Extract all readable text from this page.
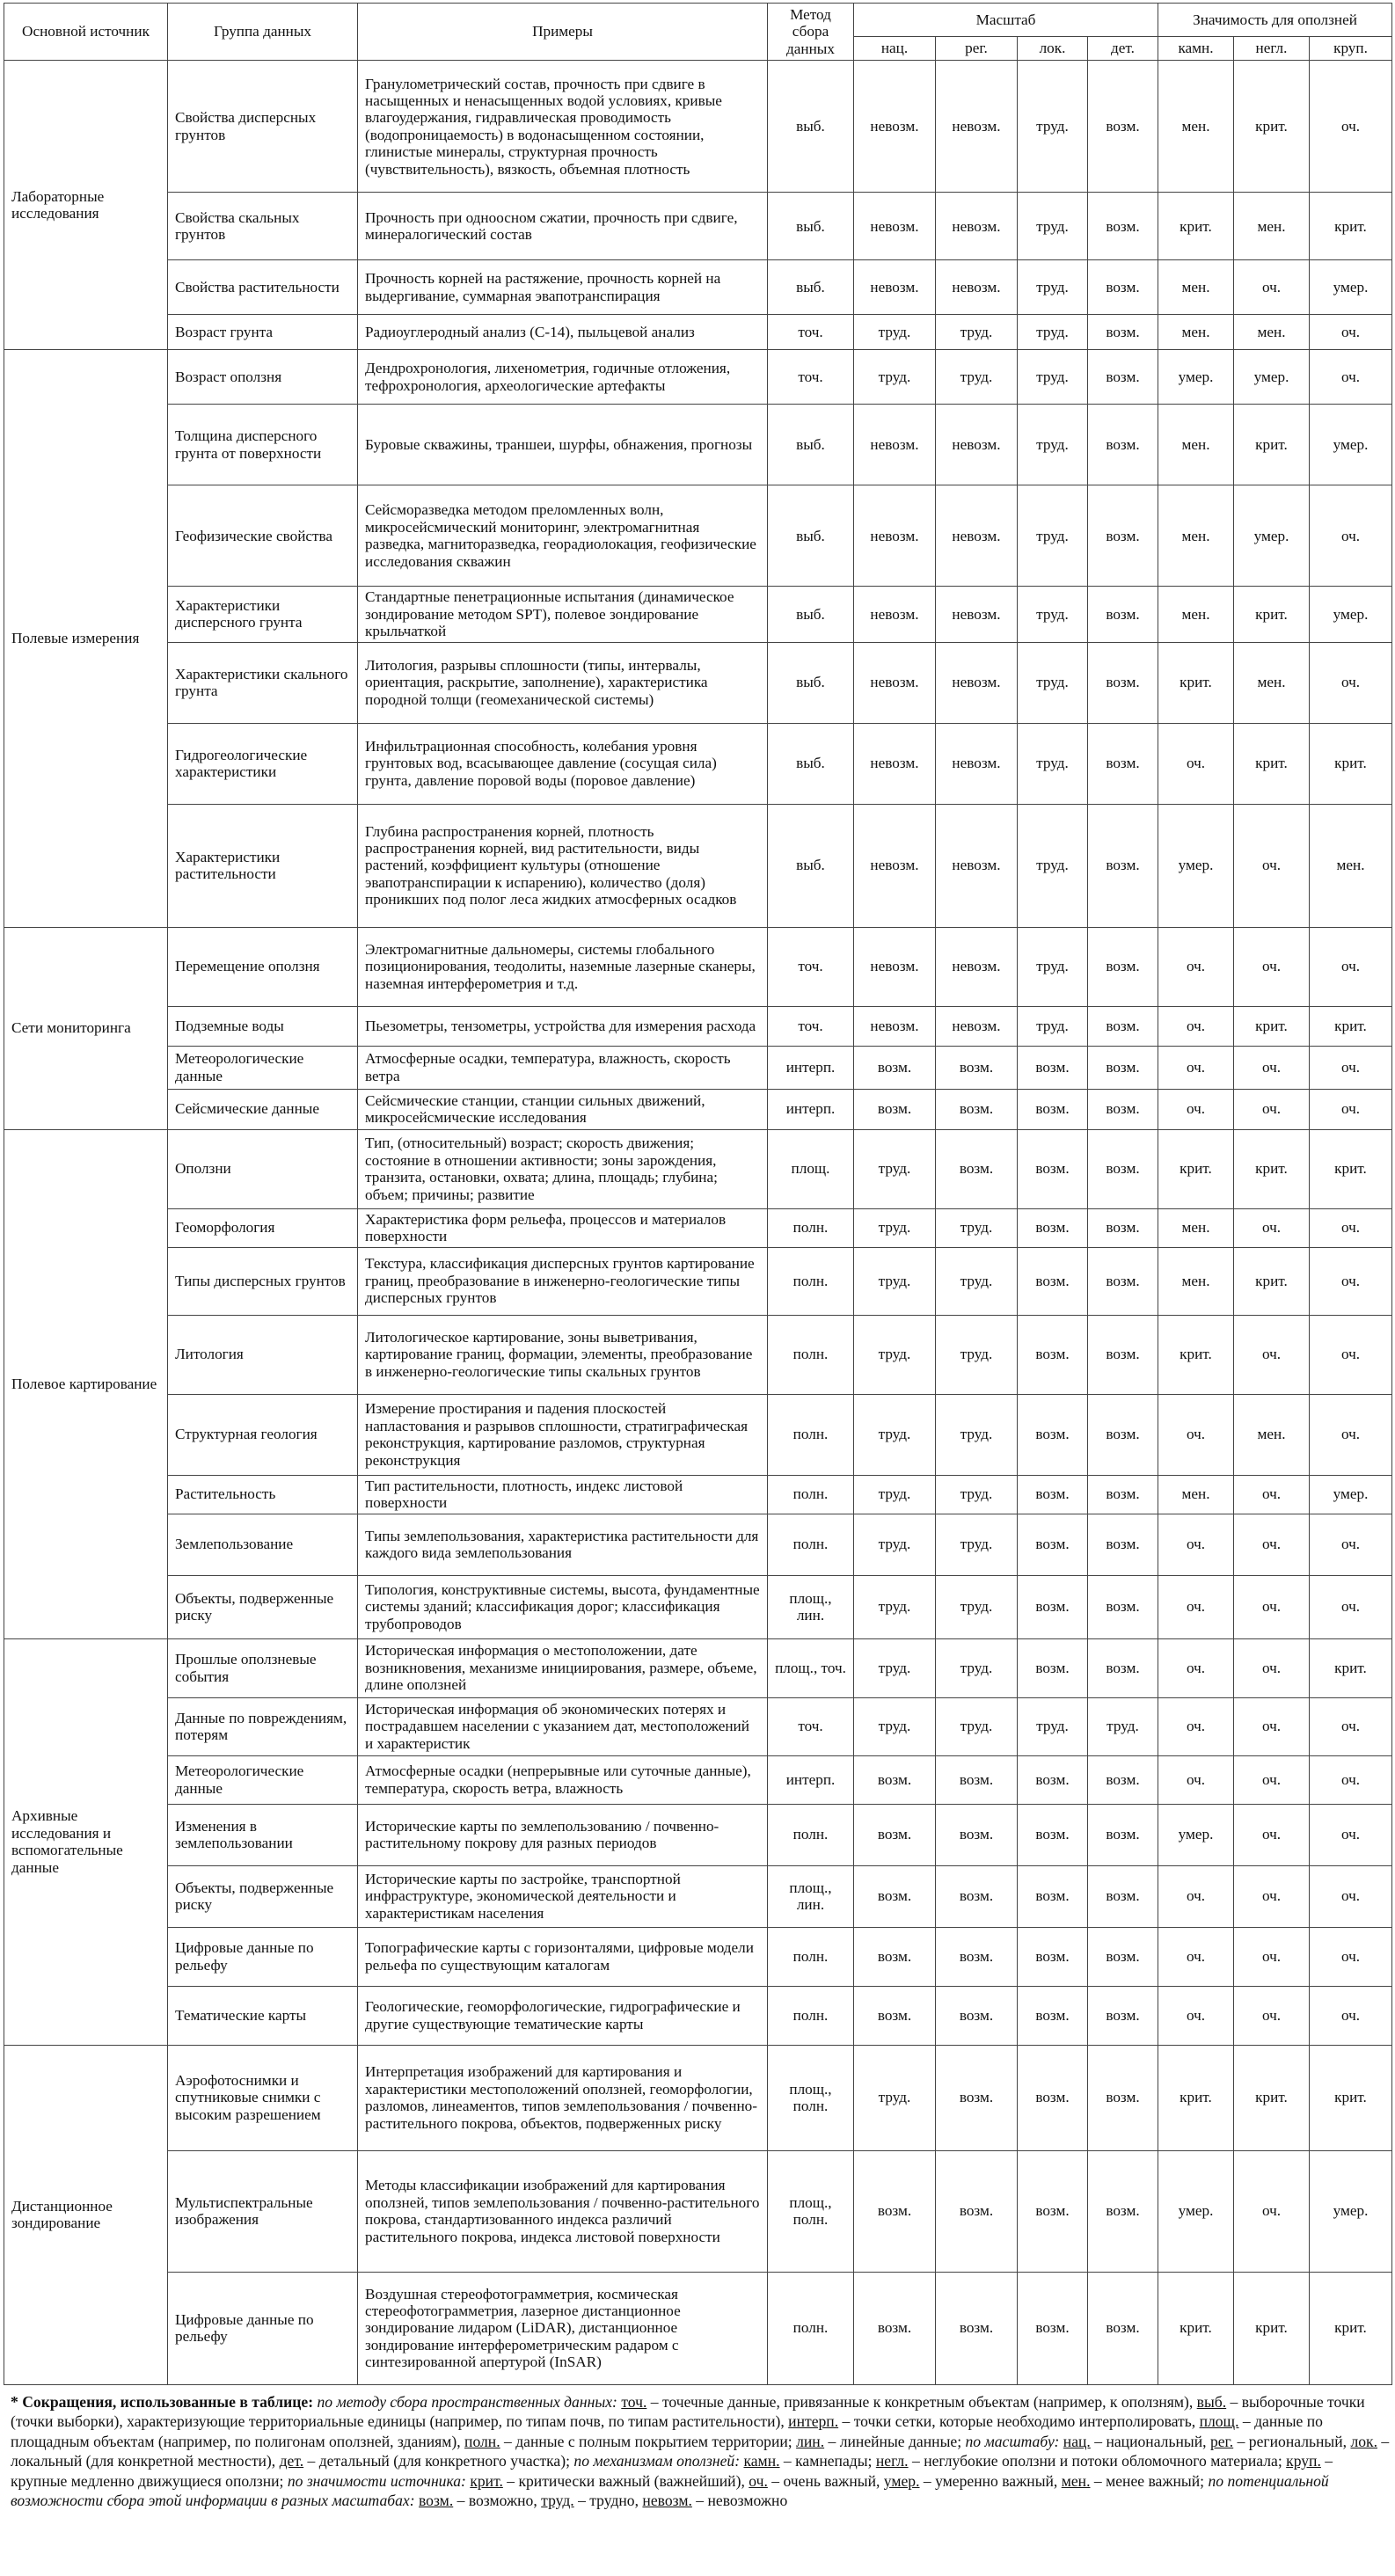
Основной источник	Группа данных	Примеры	Метод сбора данных	Масштаб				Значимость для оползней		
				нац.	рег.	лок.	дет.	камн.	негл.	круп.
Лабораторные исследования	Свойства дисперсных грунтов	Гранулометрический состав, прочность при сдвиге в насыщенных и ненасыщенных водой условиях, кривые влагоудержания, гидравлическая проводимость (водопроницаемость) в водонасыщенном состоянии, глинистые минералы, структурная прочность (чувствительность), вязкость, объемная плотность	выб.	невозм.	невозм.	труд.	возм.	мен.	крит.	оч.
	Свойства скальных грунтов	Прочность при одноосном сжатии, прочность при сдвиге, минералогический состав	выб.	невозм.	невозм.	труд.	возм.	крит.	мен.	крит.
	Свойства растительности	Прочность корней на растяжение, прочность корней на выдергивание, суммарная эвапотранспирация	выб.	невозм.	невозм.	труд.	возм.	мен.	оч.	умер.
	Возраст грунта	Радиоуглеродный анализ (С-14), пыльцевой анализ	точ.	труд.	труд.	труд.	возм.	мен.	мен.	оч.
Полевые измерения	Возраст оползня	Дендрохронология, лихенометрия, годичные отложения, тефрохронология, археологические артефакты	точ.	труд.	труд.	труд.	возм.	умер.	умер.	оч.
	Толщина дисперсного грунта от поверхности	Буровые скважины, траншеи, шурфы, обнажения, прогнозы	выб.	невозм.	невозм.	труд.	возм.	мен.	крит.	умер.
	Геофизические свойства	Сейсморазведка методом преломленных волн, микросейсмический мониторинг, электромагнитная разведка, магниторазведка, георадиолокация, геофизические исследования скважин	выб.	невозм.	невозм.	труд.	возм.	мен.	умер.	оч.
	Характеристики дисперсного грунта	Стандартные пенетрационные испытания (динамическое зондирование методом SPT), полевое зондирование крыльчаткой	выб.	невозм.	невозм.	труд.	возм.	мен.	крит.	умер.
	Характеристики скального грунта	Литология, разрывы сплошности (типы, интервалы, ориентация, раскрытие, заполнение), характеристика породной толщи (геомеханической системы)	выб.	невозм.	невозм.	труд.	возм.	крит.	мен.	оч.
	Гидрогеологические характеристики	Инфильтрационная способность, колебания уровня грунтовых вод, всасывающее давление (сосущая сила) грунта, давление поровой воды (поровое давление)	выб.	невозм.	невозм.	труд.	возм.	оч.	крит.	крит.
	Характеристики растительности	Глубина распространения корней, плотность распространения корней, вид растительности, виды растений, коэффициент культуры (отношение эвапотранспирации к испарению), количество (доля) проникших под полог леса жидких атмосферных осадков	выб.	невозм.	невозм.	труд.	возм.	умер.	оч.	мен.
Сети мониторинга	Перемещение оползня	Электромагнитные дальномеры, системы глобального позиционирования, теодолиты, наземные лазерные сканеры, наземная интерферометрия и т.д.	точ.	невозм.	невозм.	труд.	возм.	оч.	оч.	оч.
	Подземные воды	Пьезометры, тензометры, устройства для измерения расхода	точ.	невозм.	невозм.	труд.	возм.	оч.	крит.	крит.
	Метеорологические данные	Атмосферные осадки, температура, влажность, скорость ветра	интерп.	возм.	возм.	возм.	возм.	оч.	оч.	оч.
	Сейсмические данные	Сейсмические станции, станции сильных движений, микросейсмические исследования	интерп.	возм.	возм.	возм.	возм.	оч.	оч.	оч.
Полевое картирование	Оползни	Тип, (относительный) возраст; скорость движения; состояние в отношении активности; зоны зарождения, транзита, остановки, охвата; длина, площадь; глубина; объем; причины; развитие	площ.	труд.	возм.	возм.	возм.	крит.	крит.	крит.
	Геоморфология	Характеристика форм рельефа, процессов и материалов поверхности	полн.	труд.	труд.	возм.	возм.	мен.	оч.	оч.
	Типы дисперсных грунтов	Текстура, классификация дисперсных грунтов картирование границ, преобразование в инженерно-геологические типы дисперсных грунтов	полн.	труд.	труд.	возм.	возм.	мен.	крит.	оч.
	Литология	Литологическое картирование, зоны выветривания, картирование границ, формации, элементы, преобразование в инженерно-геологические типы скальных грунтов	полн.	труд.	труд.	возм.	возм.	крит.	оч.	оч.
	Структурная геология	Измерение простирания и падения плоскостей напластования и разрывов сплошности, стратиграфическая реконструкция, картирование разломов, структурная реконструкция	полн.	труд.	труд.	возм.	возм.	оч.	мен.	оч.
	Растительность	Тип растительности, плотность, индекс листовой поверхности	полн.	труд.	труд.	возм.	возм.	мен.	оч.	умер.
	Землепользование	Типы землепользования, характеристика растительности для каждого вида землепользования	полн.	труд.	труд.	возм.	возм.	оч.	оч.	оч.
	Объекты, подверженные риску	Типология, конструктивные системы, высота, фундаментные системы зданий; классификация дорог; классификация трубопроводов	площ., лин.	труд.	труд.	возм.	возм.	оч.	оч.	оч.
Архивные исследования и вспомогательные данные	Прошлые оползневые события	Историческая информация о местоположении, дате возникновения, механизме инициирования, размере, объеме, длине оползней	площ., точ.	труд.	труд.	возм.	возм.	оч.	оч.	крит.
	Данные по повреждениям, потерям	Историческая информация об экономических потерях и пострадавшем населении с указанием дат, местоположений и характеристик	точ.	труд.	труд.	труд.	труд.	оч.	оч.	оч.
	Метеорологические данные	Атмосферные осадки (непрерывные или суточные данные), температура, скорость ветра, влажность	интерп.	возм.	возм.	возм.	возм.	оч.	оч.	оч.
	Изменения в землепользовании	Исторические карты по землепользованию / почвенно-растительному покрову для разных периодов	полн.	возм.	возм.	возм.	возм.	умер.	оч.	оч.
	Объекты, подверженные риску	Исторические карты по застройке, транспортной инфраструктуре, экономической деятельности и характеристикам населения	площ., лин.	возм.	возм.	возм.	возм.	оч.	оч.	оч.
	Цифровые данные по рельефу	Топографические карты с горизонталями, цифровые модели рельефа по существующим каталогам	полн.	возм.	возм.	возм.	возм.	оч.	оч.	оч.
	Тематические карты	Геологические, геоморфологические, гидрографические и другие существующие тематические карты	полн.	возм.	возм.	возм.	возм.	оч.	оч.	оч.
Дистанционное зондирование	Аэрофотоснимки и спутниковые снимки с высоким разрешением	Интерпретация изображений для картирования и характеристики местоположений оползней, геоморфологии, разломов, линеаментов, типов землепользования / почвенно-растительного покрова, объектов, подверженных риску	площ., полн.	труд.	возм.	возм.	возм.	крит.	крит.	крит.
	Мультиспектральные изображения	Методы классификации изображений для картирования оползней, типов землепользования / почвенно-растительного покрова, стандартизованного индекса различий растительного покрова, индекса листовой поверхности	площ., полн.	возм.	возм.	возм.	возм.	умер.	оч.	умер.
	Цифровые данные по рельефу	Воздушная стереофотограмметрия, космическая стереофотограмметрия, лазерное дистанционное зондирование лидаром (LiDAR), дистанционное зондирование интерферометрическим радаром с синтезированной апертурой (InSAR)	полн.	возм.	возм.	возм.	возм.	крит.	крит.	крит.
* Сокращения, использованные в таблице: по методу сбора пространственных данных: точ. – точечные данные, привязанные к конкретным объектам (например, к оползням), выб. – выборочные точки (точки выборки), характеризующие территориальные единицы (например, по типам почв, по типам растительности), интерп. – точки сетки, которые необходимо интерполировать, площ. – данные по площадным объектам (например, по полигонам оползней, зданиям), полн. – данные с полным покрытием территории; лин. – линейные данные; по масштабу: нац. – национальный, рег. – региональный, лок. – локальный (для конкретной местности), дет. – детальный (для конкретного участка); по механизмам оползней: камн. – камнепады; негл. – неглубокие оползни и потоки обломочного материала; круп. – крупные медленно движущиеся оползни; по значимости источника: крит. – критически важный (важнейший), оч. – очень важный, умер. – умеренно важный, мен. – менее важный; по потенциальной возможности сбора этой информации в разных масштабах: возм. – возможно, труд. – трудно, невозм. – невозможно
